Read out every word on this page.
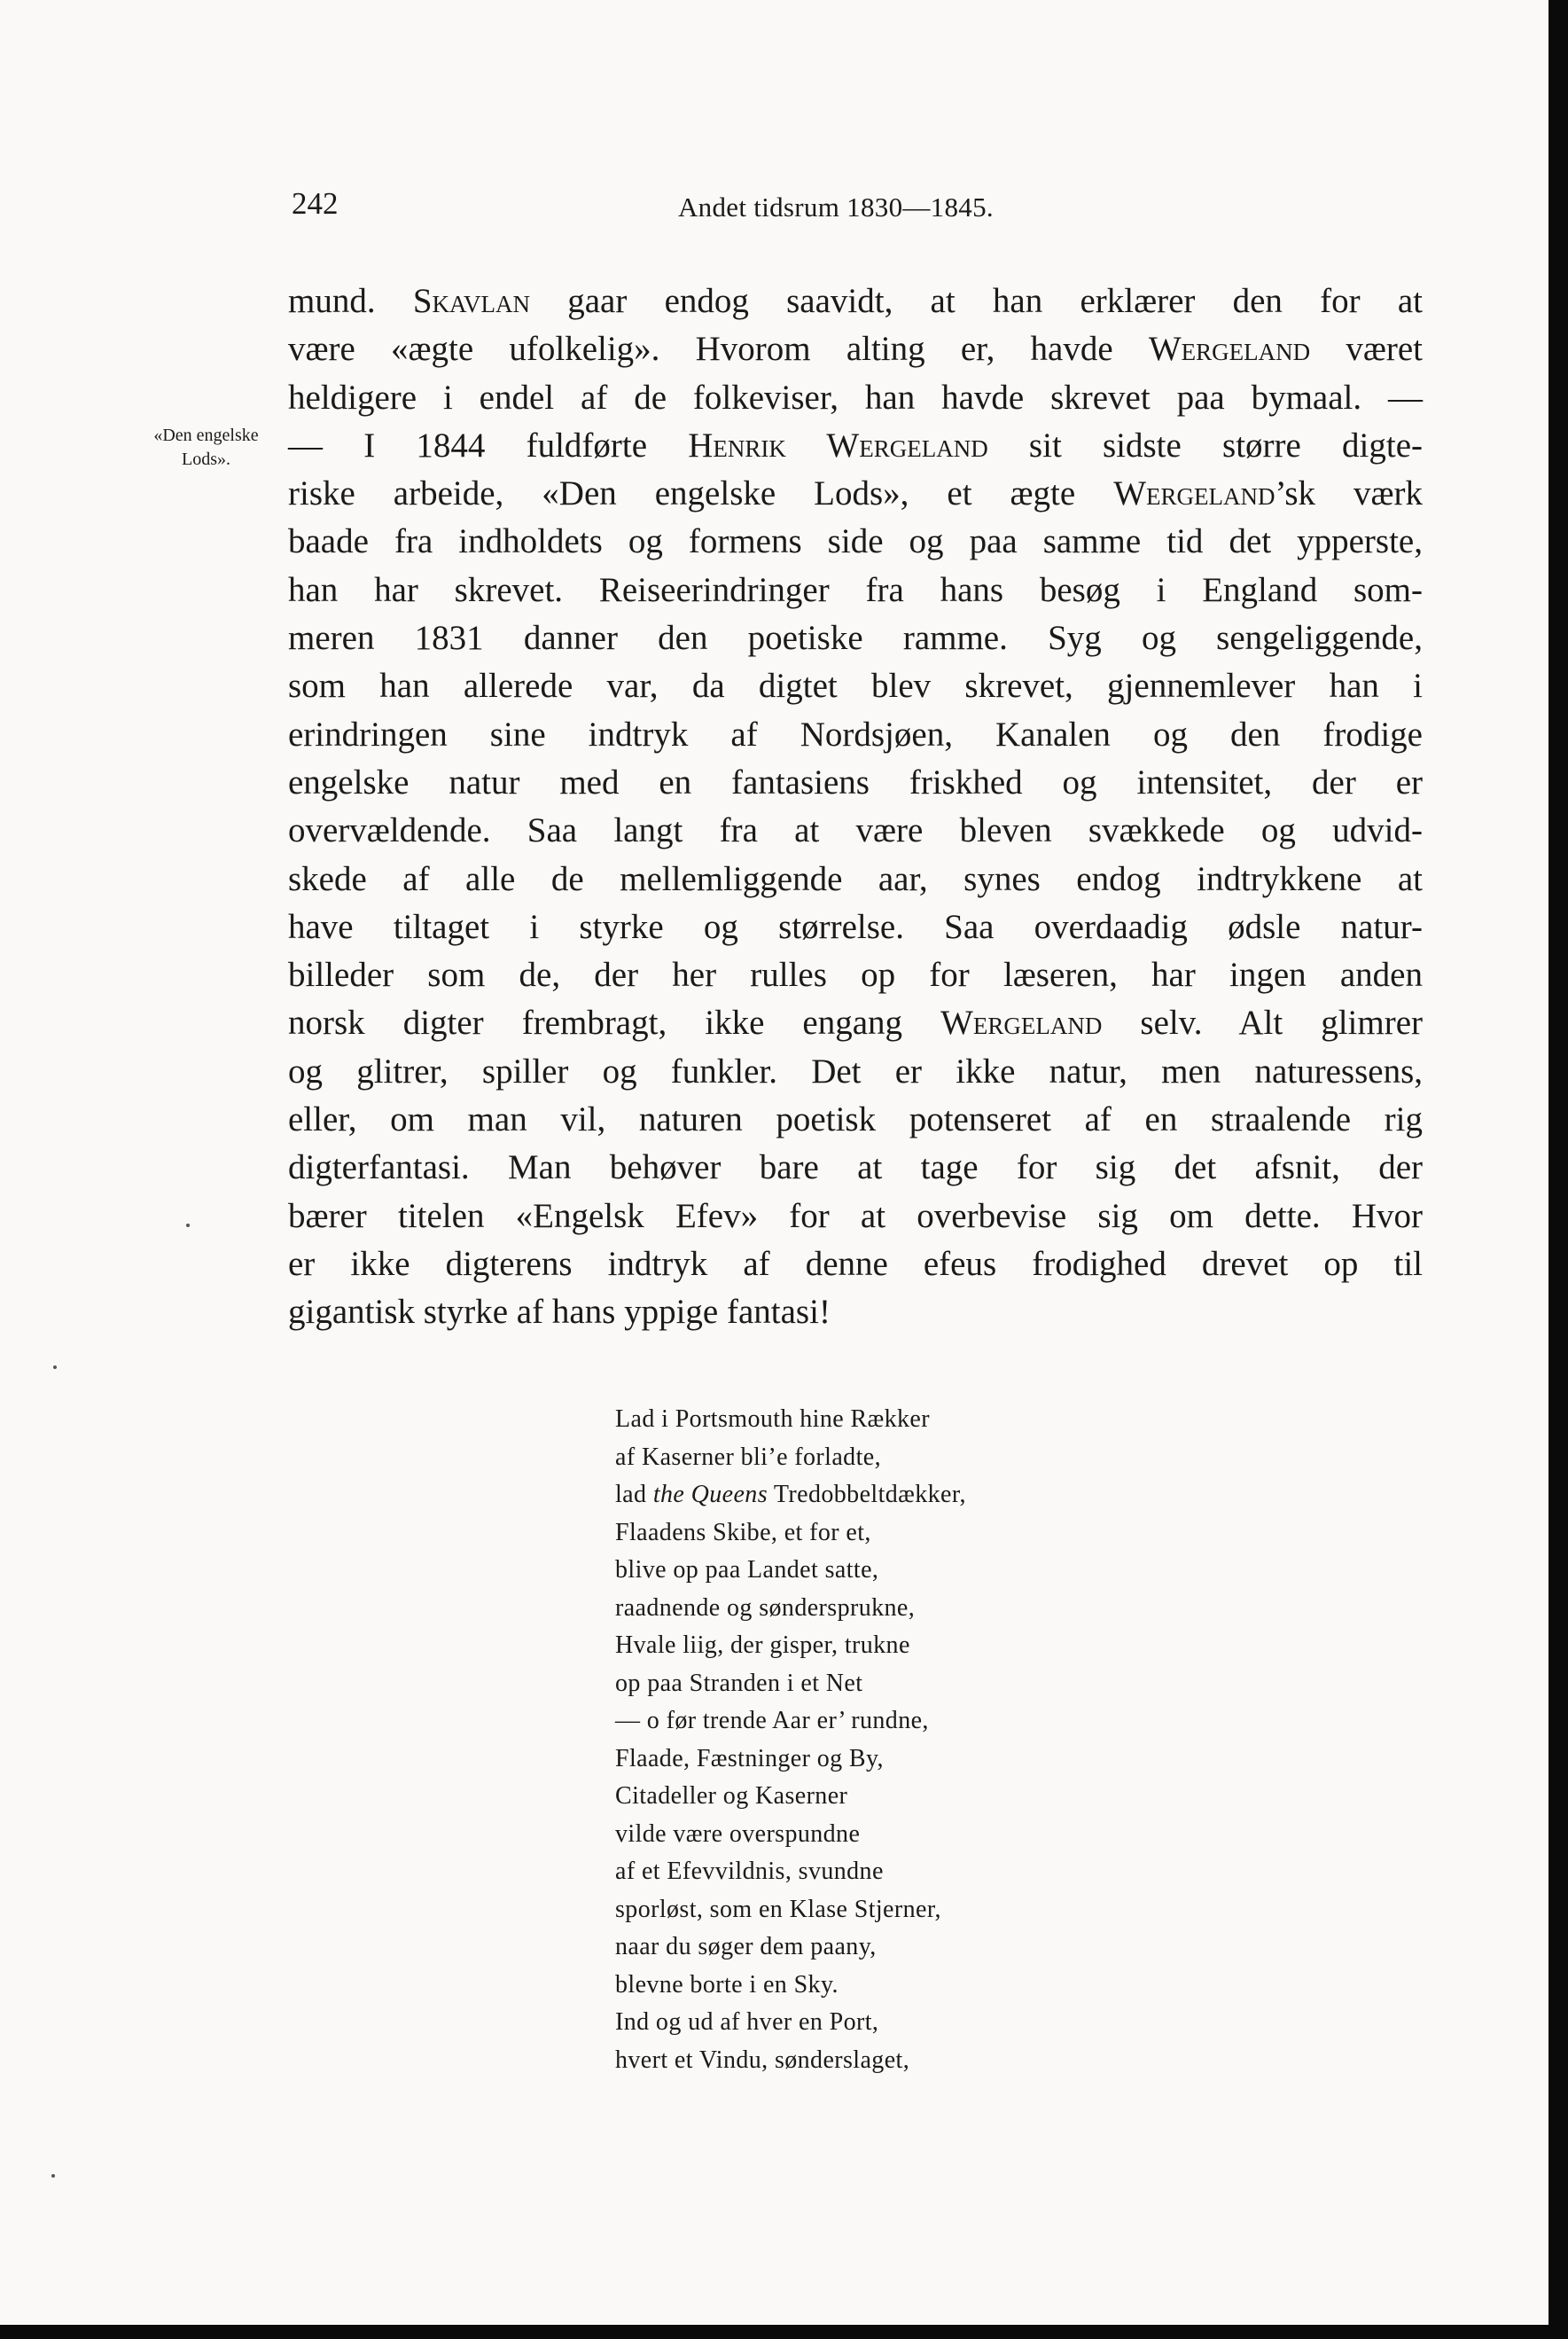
242	Andet tidsrum 1830—1845.
«Den engelske
Lods».
mund. Skavlan gaar endog saavidt, at han erklærer den for at
være «ægte ufolkelig». Hvorom alting er, havde Wergeland været
heldigere i endel af de folkeviser, han havde skrevet paa bymaal. —
— I 1844 fuldførte Henrik Wergeland sit sidste større digte-
riske arbeide, «Den engelske Lods», et ægte Wergeland’sk værk
baade fra indholdets og formens side og paa samme tid det ypperste,
han har skrevet. Reiseerindringer fra hans besøg i England som-
meren 1831 danner den poetiske ramme. Syg og sengeliggende,
som han allerede var, da digtet blev skrevet, gjennemlever han i
erindringen sine indtryk af Nordsjøen, Kanalen og den frodige
engelske natur med en fantasiens friskhed og intensitet, der er
overvældende. Saa langt fra at være bleven svækkede og udvid-
skede af alle de mellemliggende aar, synes endog indtrykkene at
have tiltaget i styrke og størrelse. Saa overdaadig ødsle natur-
billeder som de, der her rulles op for læseren, har ingen anden
norsk digter frembragt, ikke engang Wergeland selv. Alt glimrer
og glitrer, spiller og funkler. Det er ikke natur, men naturessens,
eller, om man vil, naturen poetisk potenseret af en straalende rig
digterfantasi. Man behøver bare at tage for sig det afsnit, der
bærer titelen «Engelsk Efev» for at overbevise sig om dette. Hvor
er ikke digterens indtryk af denne efeus frodighed drevet op til
gigantisk styrke af hans yppige fantasi!
Lad i Portsmouth hine Rækker
af Kaserner bli’e forladte,
lad the Queens Tredobbeltdækker,
Flaadens Skibe, et for et,
blive op paa Landet satte,
raadnende og sønderspruknе,
Hvale liig, der gisper, trukne
op paa Stranden i et Net
— o før trende Aar er’ rundne,
Flaade, Fæstninger og By,
Citadeller og Kaserner
vilde være overspundne
af et Efevvildnis, svundne
sporløst, som en Klase Stjerner,
naar du søger dem paany,
blevne borte i en Sky.
Ind og ud af hver en Port,
hvert et Vindu, sønderslaget,
